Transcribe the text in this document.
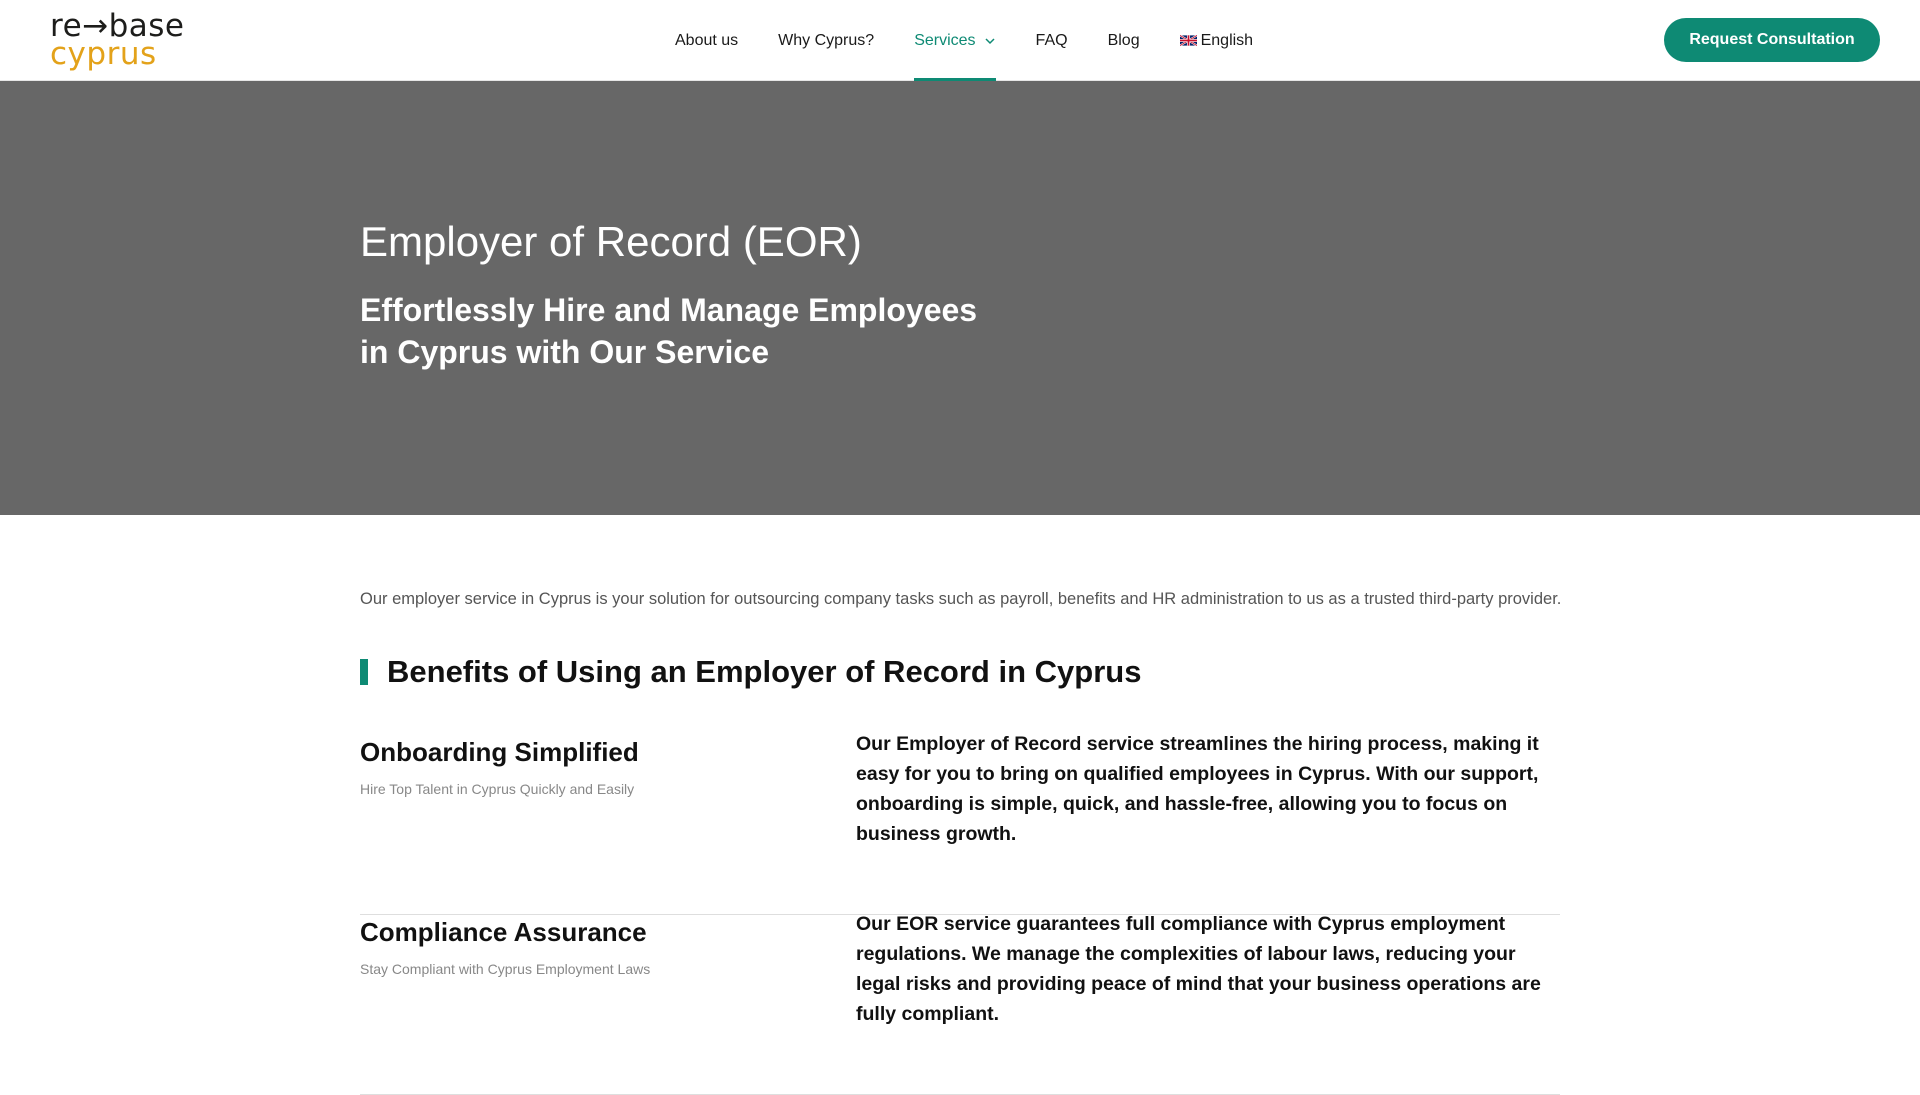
re→base
cyprus	About us	Why Cyprus?	Services	FAQ	Blog	English	Request Consultation
Employer of Record (EOR)
Effortlessly Hire and Manage Employees in Cyprus with Our Service

Our employer service in Cyprus is your solution for outsourcing company tasks such as payroll, benefits and HR administration to us as a trusted third-party provider.

Benefits of Using an Employer of Record in Cyprus
Onboarding Simplified

Hire Top Talent in Cyprus Quickly and Easily

Our Employer of Record service streamlines the hiring process, making it easy for you to bring on qualified employees in Cyprus. With our support, onboarding is simple, quick, and hassle-free, allowing you to focus on business growth.

Compliance Assurance

Stay Compliant with Cyprus Employment Laws

Our EOR service guarantees full compliance with Cyprus employment regulations. We manage the complexities of labour laws, reducing your legal risks and providing peace of mind that your business operations are fully compliant.
